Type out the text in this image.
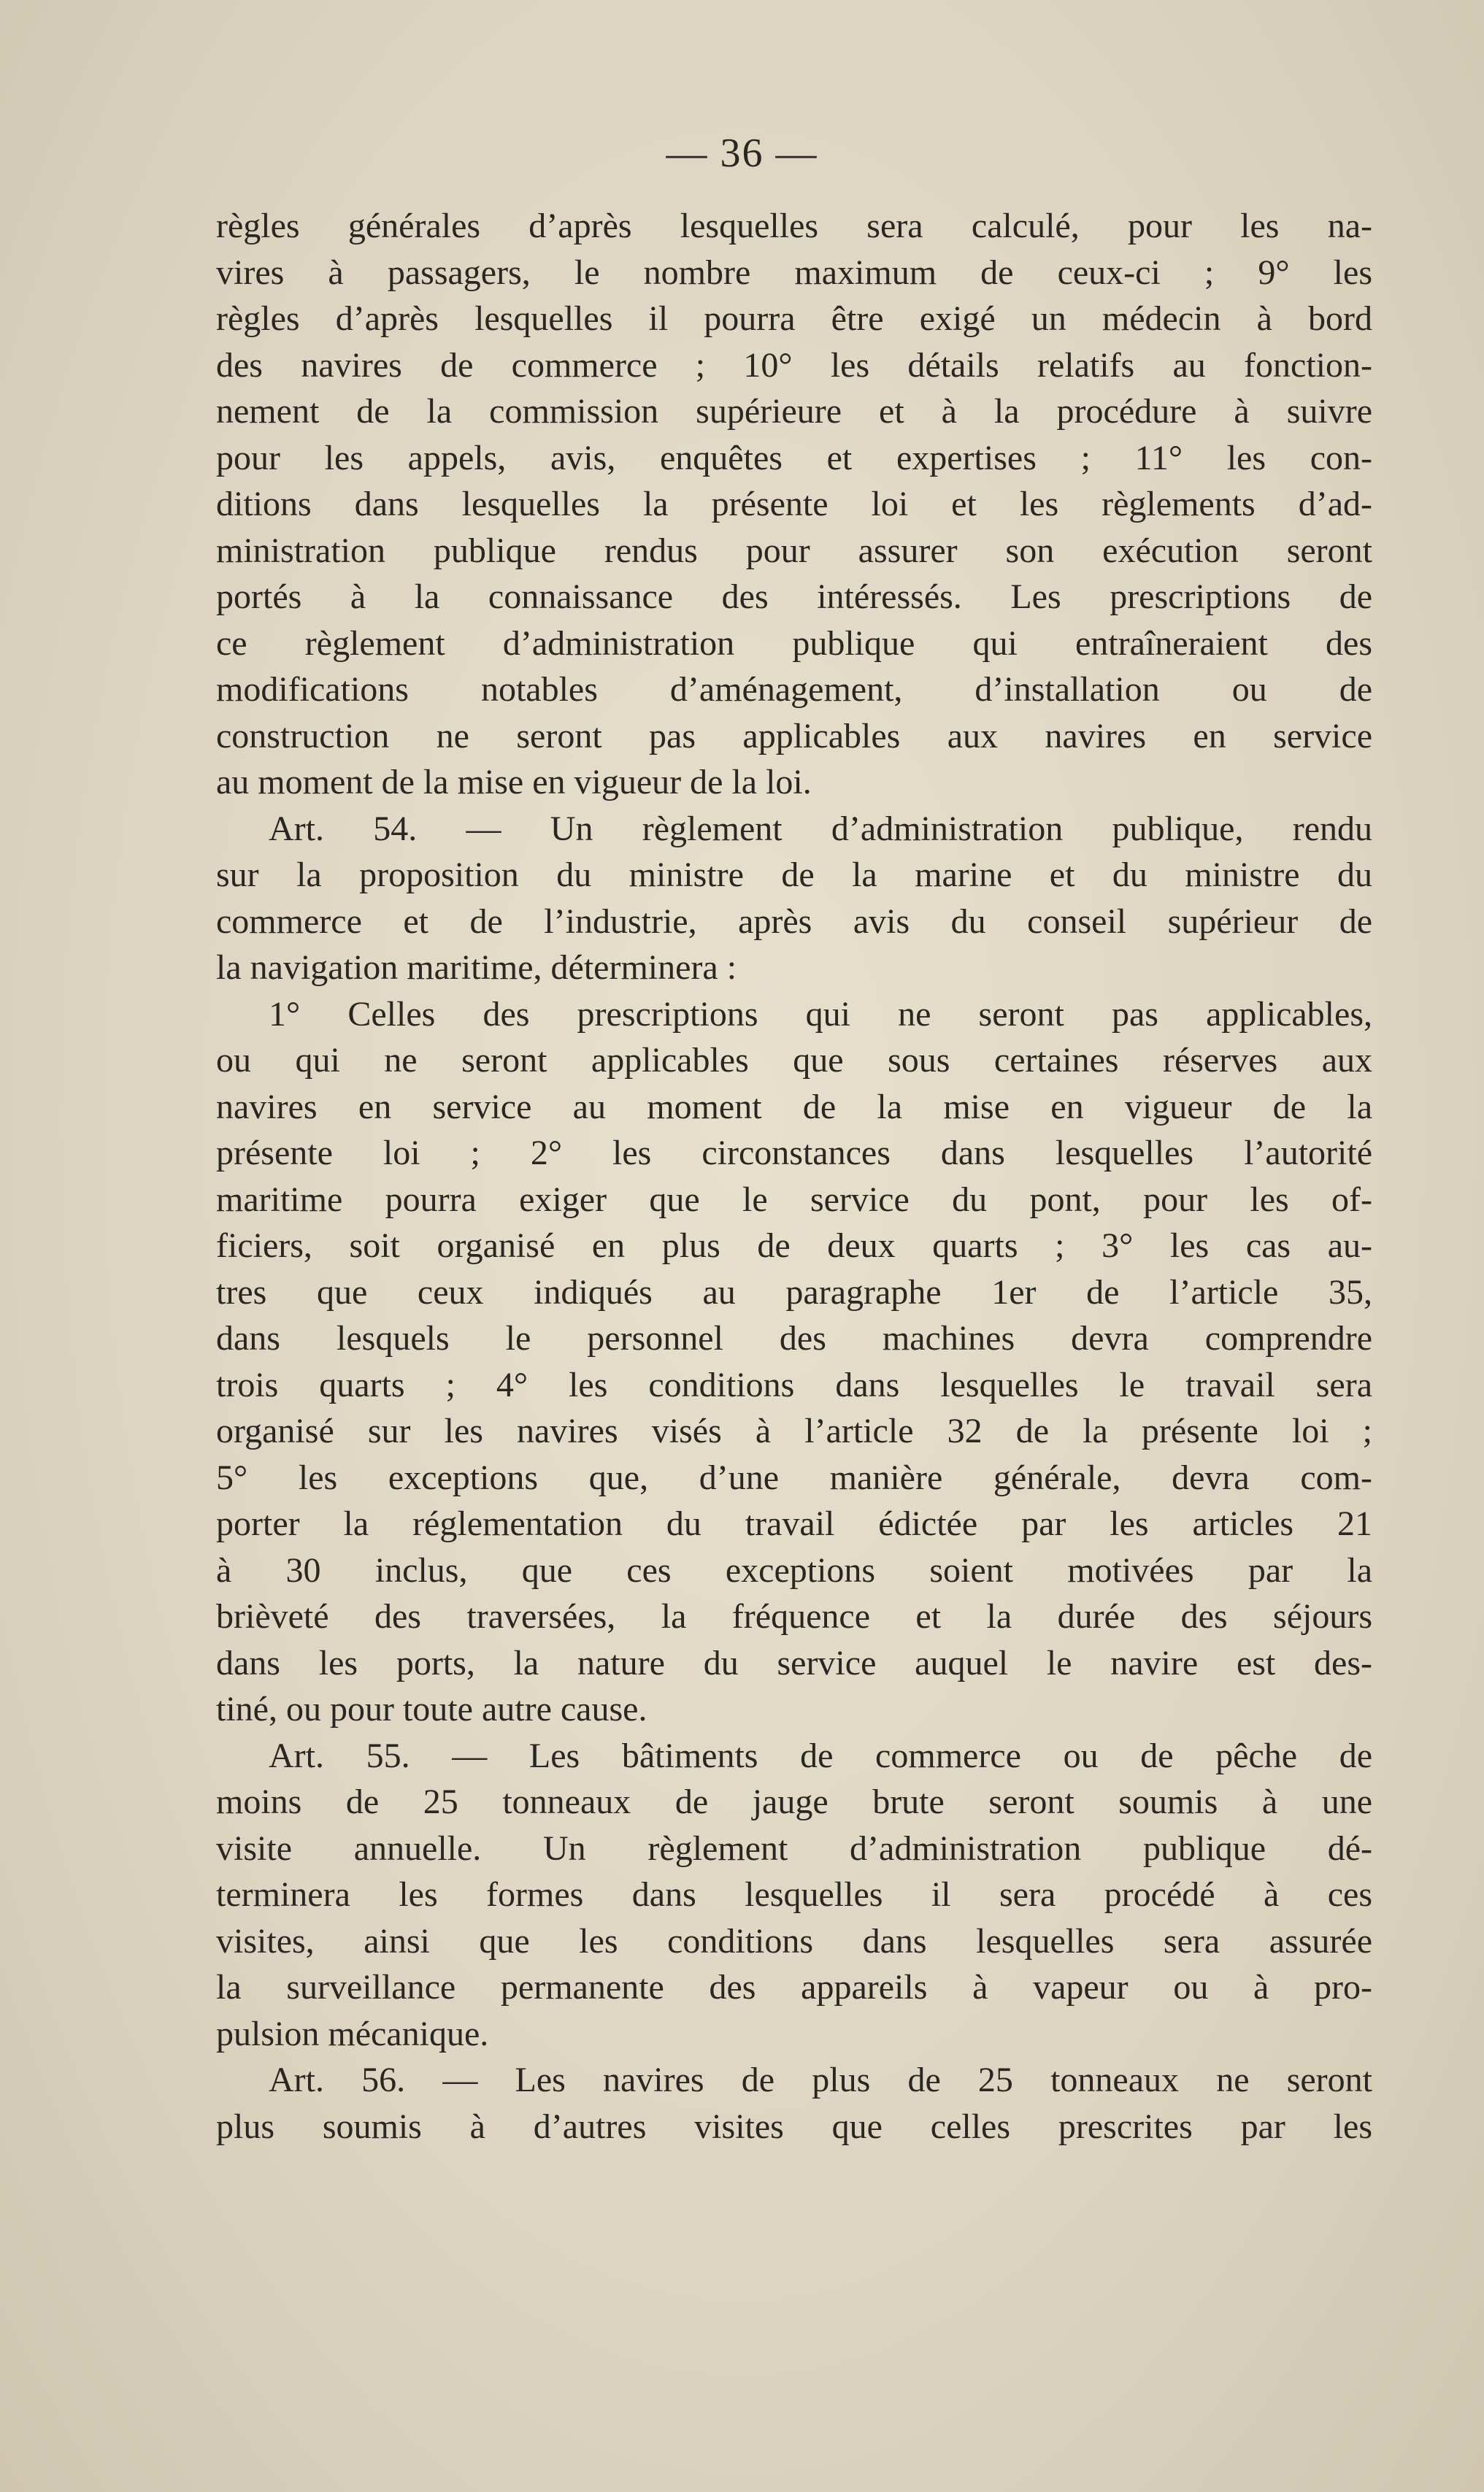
— 36 —
règles générales d’après lesquelles sera calculé, pour les na-
vires à passagers, le nombre maximum de ceux-ci ; 9° les
règles d’après lesquelles il pourra être exigé un médecin à bord
des navires de commerce ; 10° les détails relatifs au fonction-
nement de la commission supérieure et à la procédure à suivre
pour les appels, avis, enquêtes et expertises ; 11° les con-
ditions dans lesquelles la présente loi et les règlements d’ad-
ministration publique rendus pour assurer son exécution seront
portés à la connaissance des intéressés. Les prescriptions de
ce règlement d’administration publique qui entraîneraient des
modifications notables d’aménagement, d’installation ou de
construction ne seront pas applicables aux navires en service
au moment de la mise en vigueur de la loi.
Art. 54. — Un règlement d’administration publique, rendu
sur la proposition du ministre de la marine et du ministre du
commerce et de l’industrie, après avis du conseil supérieur de
la navigation maritime, déterminera :
1° Celles des prescriptions qui ne seront pas applicables,
ou qui ne seront applicables que sous certaines réserves aux
navires en service au moment de la mise en vigueur de la
présente loi ; 2° les circonstances dans lesquelles l’autorité
maritime pourra exiger que le service du pont, pour les of-
ficiers, soit organisé en plus de deux quarts ; 3° les cas au-
tres que ceux indiqués au paragraphe 1er de l’article 35,
dans lesquels le personnel des machines devra comprendre
trois quarts ; 4° les conditions dans lesquelles le travail sera
organisé sur les navires visés à l’article 32 de la présente loi ;
5° les exceptions que, d’une manière générale, devra com-
porter la réglementation du travail édictée par les articles 21
à 30 inclus, que ces exceptions soient motivées par la
brièveté des traversées, la fréquence et la durée des séjours
dans les ports, la nature du service auquel le navire est des-
tiné, ou pour toute autre cause.
Art. 55. — Les bâtiments de commerce ou de pêche de
moins de 25 tonneaux de jauge brute seront soumis à une
visite annuelle. Un règlement d’administration publique dé-
terminera les formes dans lesquelles il sera procédé à ces
visites, ainsi que les conditions dans lesquelles sera assurée
la surveillance permanente des appareils à vapeur ou à pro-
pulsion mécanique.
Art. 56. — Les navires de plus de 25 tonneaux ne seront
plus soumis à d’autres visites que celles prescrites par les
